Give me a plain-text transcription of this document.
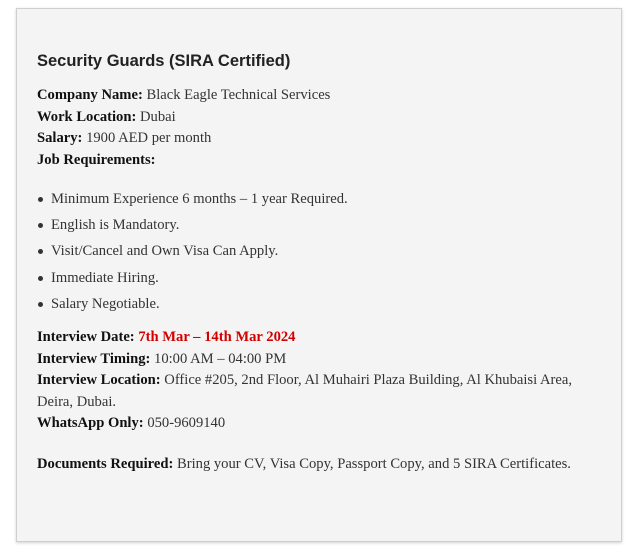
Security Guards (SIRA Certified)

Company Name: Black Eagle Technical Services

Work Location: Dubai

Salary: 1900 AED per month

Job Requirements:

Minimum Experience 6 months – 1 year Required.
English is Mandatory.
Visit/Cancel and Own Visa Can Apply.
Immediate Hiring.
Salary Negotiable.

Interview Date: 7th Mar – 14th Mar 2024

Interview Timing: 10:00 AM – 04:00 PM

Interview Location: Office #205, 2nd Floor, Al Muhairi Plaza Building, Al Khubaisi Area, Deira, Dubai.

WhatsApp Only: 050-9609140

Documents Required: Bring your CV, Visa Copy, Passport Copy, and 5 SIRA Certificates.
